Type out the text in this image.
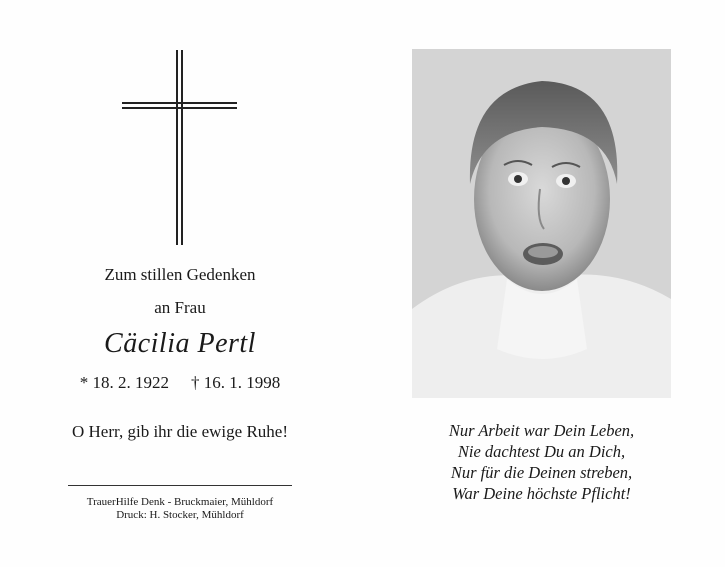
Zum stillen Gedenken
an Frau
Cäcilia Pertl
* 18. 2. 1922 † 16. 1. 1998
O Herr, gib ihr die ewige Ruhe!
TrauerHilfe Denk - Bruckmaier, Mühldorf
Druck: H. Stocker, Mühldorf
Nur Arbeit war Dein Leben,
Nie dachtest Du an Dich,
Nur für die Deinen streben,
War Deine höchste Pflicht!
